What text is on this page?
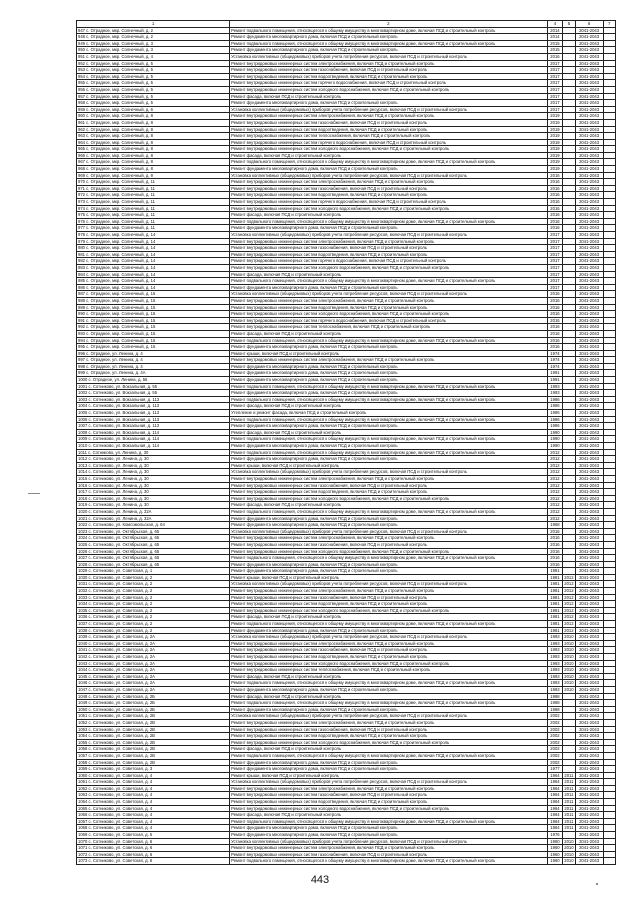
1	2	4	5	6	7
947 с. Отрадное, мкр. Солнечный, д. 2	Ремонт подвального помещения, относящегося к общему имуществу в многоквартирном доме, включая ПСД и строительный контроль	2014		2041-2043	
948 с. Отрадное, мкр. Солнечный, д. 2	Ремонт фундамента многоквартирного дома, включая ПСД и строительный контроль	2014		2041-2043	
949 с. Отрадное, мкр. Солнечный, д. 3	Ремонт подвального помещения, относящегося к общему имуществу в многоквартирном доме, включая ПСД и строительный контроль	2015		2041-2043	
950 с. Отрадное, мкр. Солнечный, д. 3	Ремонт фундамента многоквартирного дома, включая ПСД и строительный контроль	2015		2041-2043	
951 с. Отрадное, мкр. Солнечный, д. 4	Установка коллективных (общедомовых) приборов учета потребления ресурсов, включая ПСД и строительный контроль	2016		2041-2043	
952 с. Отрадное, мкр. Солнечный, д. 5	Ремонт внутридомовых инженерных систем электроснабжения, включая ПСД и строительный контроль	2017		2041-2043	
953 с. Отрадное, мкр. Солнечный, д. 5	Ремонт внутридомовых инженерных систем газоснабжения, включая ПСД и строительный контроль	2017		2041-2043	
954 с. Отрадное, мкр. Солнечный, д. 5	Ремонт внутридомовых инженерных систем водоотведения, включая ПСД и строительный контроль	2017		2041-2043	
955 с. Отрадное, мкр. Солнечный, д. 5	Ремонт внутридомовых инженерных систем горячего водоснабжения, включая ПСД и строительный контроль	2017		2041-2043	
956 с. Отрадное, мкр. Солнечный, д. 5	Ремонт внутридомовых инженерных систем холодного водоснабжения, включая ПСД и строительный контроль	2017		2041-2043	
957 с. Отрадное, мкр. Солнечный, д. 5	Ремонт фасада, включая ПСД и строительный контроль	2017		2041-2043	
958 с. Отрадное, мкр. Солнечный, д. 5	Ремонт фундамента многоквартирного дома, включая ПСД и строительный контроль	2017		2041-2043	
959 с. Отрадное, мкр. Солнечный, д. 6	Установка коллективных (общедомовых) приборов учета потребления ресурсов, включая ПСД и строительный контроль	2017		2041-2043	
960 с. Отрадное, мкр. Солнечный, д. 8	Ремонт внутридомовых инженерных систем электроснабжения, включая ПСД и строительный контроль	2019		2041-2043	
961 с. Отрадное, мкр. Солнечный, д. 8	Ремонт внутридомовых инженерных систем газоснабжения, включая ПСД и строительный контроль	2019		2041-2043	
962 с. Отрадное, мкр. Солнечный, д. 8	Ремонт внутридомовых инженерных систем водоотведения, включая ПСД и строительный контроль	2019		2041-2043	
963 с. Отрадное, мкр. Солнечный, д. 8	Ремонт внутридомовых инженерных систем теплоснабжения, включая ПСД и строительный контроль	2019		2041-2043	
964 с. Отрадное, мкр. Солнечный, д. 8	Ремонт внутридомовых инженерных систем горячего водоснабжения, включая ПСД и строительный контроль	2019		2041-2043	
965 с. Отрадное, мкр. Солнечный, д. 8	Ремонт внутридомовых инженерных систем холодного водоснабжения, включая ПСД и строительный контроль	2019		2041-2043	
966 с. Отрадное, мкр. Солнечный, д. 8	Ремонт фасада, включая ПСД и строительный контроль	2019		2041-2043	
967 с. Отрадное, мкр. Солнечный, д. 8	Ремонт подвального помещения, относящегося к общему имуществу в многоквартирном доме, включая ПСД и строительный контроль	2019		2041-2043	
968 с. Отрадное, мкр. Солнечный, д. 8	Ремонт фундамента многоквартирного дома, включая ПСД и строительный контроль	2019		2041-2043	
969 с. Отрадное, мкр. Солнечный, д. 9	Установка коллективных (общедомовых) приборов учета потребления ресурсов, включая ПСД и строительный контроль	2016		2041-2043	
970 с. Отрадное, мкр. Солнечный, д. 11	Ремонт внутридомовых инженерных систем электроснабжения, включая ПСД и строительный контроль	2016		2041-2043	
971 с. Отрадное, мкр. Солнечный, д. 11	Ремонт внутридомовых инженерных систем газоснабжения, включая ПСД и строительный контроль	2016		2041-2043	
972 с. Отрадное, мкр. Солнечный, д. 11	Ремонт внутридомовых инженерных систем водоотведения, включая ПСД и строительный контроль	2016		2041-2043	
973 с. Отрадное, мкр. Солнечный, д. 11	Ремонт внутридомовых инженерных систем горячего водоснабжения, включая ПСД и строительный контроль	2016		2041-2043	
974 с. Отрадное, мкр. Солнечный, д. 11	Ремонт внутридомовых инженерных систем холодного водоснабжения, включая ПСД и строительный контроль	2016		2041-2043	
975 с. Отрадное, мкр. Солнечный, д. 11	Ремонт фасада, включая ПСД и строительный контроль	2016		2041-2043	
976 с. Отрадное, мкр. Солнечный, д. 11	Ремонт подвального помещения, относящегося к общему имуществу в многоквартирном доме, включая ПСД и строительный контроль	2016		2041-2043	
977 с. Отрадное, мкр. Солнечный, д. 11	Ремонт фундамента многоквартирного дома, включая ПСД и строительный контроль	2016		2041-2043	
978 с. Отрадное, мкр. Солнечный, д. 14	Установка коллективных (общедомовых) приборов учета потребления ресурсов, включая ПСД и строительный контроль	2017		2041-2043	
979 с. Отрадное, мкр. Солнечный, д. 14	Ремонт внутридомовых инженерных систем электроснабжения, включая ПСД и строительный контроль	2017		2041-2043	
980 с. Отрадное, мкр. Солнечный, д. 14	Ремонт внутридомовых инженерных систем газоснабжения, включая ПСД и строительный контроль	2017		2041-2043	
981 с. Отрадное, мкр. Солнечный, д. 14	Ремонт внутридомовых инженерных систем водоотведения, включая ПСД и строительный контроль	2017		2041-2043	
982 с. Отрадное, мкр. Солнечный, д. 14	Ремонт внутридомовых инженерных систем горячего водоснабжения, включая ПСД и строительный контроль	2017		2041-2043	
983 с. Отрадное, мкр. Солнечный, д. 14	Ремонт внутридомовых инженерных систем холодного водоснабжения, включая ПСД и строительный контроль	2017		2041-2043	
984 с. Отрадное, мкр. Солнечный, д. 14	Ремонт фасада, включая ПСД и строительный контроль	2017		2041-2043	
985 с. Отрадное, мкр. Солнечный, д. 14	Ремонт подвального помещения, относящегося к общему имуществу в многоквартирном доме, включая ПСД и строительный контроль	2017		2041-2043	
986 с. Отрадное, мкр. Солнечный, д. 14	Ремонт фундамента многоквартирного дома, включая ПСД и строительный контроль	2017		2041-2043	
987 с. Отрадное, мкр. Солнечный, д. 15	Установка коллективных (общедомовых) приборов учета потребления ресурсов, включая ПСД и строительный контроль	2016		2041-2043	
988 с. Отрадное, мкр. Солнечный, д. 15	Ремонт внутридомовых инженерных систем электроснабжения, включая ПСД и строительный контроль	2016		2041-2043	
989 с. Отрадное, мкр. Солнечный, д. 15	Ремонт внутридомовых инженерных систем водоотведения, включая ПСД и строительный контроль	2016		2041-2043	
990 с. Отрадное, мкр. Солнечный, д. 15	Ремонт внутридомовых инженерных систем холодного водоснабжения, включая ПСД и строительный контроль	2016		2041-2043	
991 с. Отрадное, мкр. Солнечный, д. 15	Ремонт внутридомовых инженерных систем горячего водоснабжения, включая ПСД и строительный контроль	2016		2041-2043	
992 с. Отрадное, мкр. Солнечный, д. 15	Ремонт внутридомовых инженерных систем теплоснабжения, включая ПСД и строительный контроль	2016		2041-2043	
993 с. Отрадное, мкр. Солнечный, д. 15	Ремонт фасада, включая ПСД и строительный контроль	2016		2041-2043	
994 с. Отрадное, мкр. Солнечный, д. 15	Ремонт подвального помещения, относящегося к общему имуществу в многоквартирном доме, включая ПСД и строительный контроль	2016		2041-2043	
995 с. Отрадное, мкр. Солнечный, д. 15	Ремонт фундамента многоквартирного дома, включая ПСД и строительный контроль	2016		2041-2043	
996 с. Отрадное, ул. Ленина, д. 4	Ремонт крыши, включая ПСД и строительный контроль	1974		2041-2043	
997 с. Отрадное, ул. Ленина, д. 4	Ремонт внутридомовых инженерных систем электроснабжения, включая ПСД и строительный контроль	1974		2041-2043	
998 с. Отрадное, ул. Ленина, д. 4	Ремонт фундамента многоквартирного дома, включая ПСД и строительный контроль	1974		2041-2043	
999 с. Отрадное, ул. Ленина, д. 4А	Ремонт фундамента многоквартирного дома, включая ПСД и строительный контроль	1991		2041-2043	
1000 с. Отрадное, ул. Ленина, д. 55	Ремонт фундамента многоквартирного дома, включая ПСД и строительный контроль	1991		2041-2043	
1001 с. Сотниково, ул. Вокзальная, д. 55	Ремонт подвального помещения, относящегося к общему имуществу в многоквартирном доме, включая ПСД и строительный контроль	1993		2041-2043	
1002 с. Сотниково, ул. Вокзальная, д. 55	Ремонт фундамента многоквартирного дома, включая ПСД и строительный контроль	1993		2041-2043	
1003 с. Сотниково, ул. Вокзальная, д. 113	Ремонт подвального помещения, относящегося к общему имуществу в многоквартирном доме, включая ПСД и строительный контроль	1986		2041-2043	
1004 с. Сотниково, ул. Вокзальная, д. 113	Ремонт фасада, включая ПСД и строительный контроль	1986		2041-2043	
1005 с. Сотниково, ул. Вокзальная, д. 113	Утепление и ремонт фасада, включая ПСД и строительный контроль	1986		2041-2043	
1006 с. Сотниково, ул. Вокзальная, д. 113	Ремонт подвального помещения, относящегося к общему имуществу в многоквартирном доме, включая ПСД и строительный контроль	1986		2041-2043	
1007 с. Сотниково, ул. Вокзальная, д. 113	Ремонт фундамента многоквартирного дома, включая ПСД и строительный контроль	1986		2041-2043	
1008 с. Сотниково, ул. Вокзальная, д. 114	Ремонт фасада, включая ПСД и строительный контроль	1990		2041-2043	
1009 с. Сотниково, ул. Вокзальная, д. 114	Ремонт подвального помещения, относящегося к общему имуществу в многоквартирном доме, включая ПСД и строительный контроль	1990		2041-2043	
1010 с. Сотниково, ул. Вокзальная, д. 114	Ремонт фундамента многоквартирного дома, включая ПСД и строительный контроль	1990		2041-2043	
1011 с. Сотниково, ул. Ленина, д. 30	Ремонт подвального помещения, относящегося к общему имуществу в многоквартирном доме, включая ПСД и строительный контроль	2012		2041-2043	
1012 с. Сотниково, ул. Ленина, д. 30	Ремонт фундамента многоквартирного дома, включая ПСД и строительный контроль	2012		2041-2043	
1013 с. Сотниково, ул. Ленина, д. 30	Ремонт крыши, включая ПСД и строительный контроль	2012		2041-2043	
1014 с. Сотниково, ул. Ленина, д. 30	Установка коллективных (общедомовых) приборов учета потребления ресурсов, включая ПСД и строительный контроль	2012		2041-2043	
1015 с. Сотниково, ул. Ленина, д. 30	Ремонт внутридомовых инженерных систем электроснабжения, включая ПСД и строительный контроль	2012		2041-2043	
1016 с. Сотниково, ул. Ленина, д. 30	Ремонт внутридомовых инженерных систем газоснабжения, включая ПСД и строительный контроль	2012		2041-2043	
1017 с. Сотниково, ул. Ленина, д. 30	Ремонт внутридомовых инженерных систем водоотведения, включая ПСД и строительный контроль	2012		2041-2043	
1018 с. Сотниково, ул. Ленина, д. 30	Ремонт внутридомовых инженерных систем холодного водоснабжения, включая ПСД и строительный контроль	2012		2041-2043	
1019 с. Сотниково, ул. Ленина, д. 30	Ремонт фасада, включая ПСД и строительный контроль	2012		2041-2043	
1020 с. Сотниково, ул. Ленина, д. 32А	Ремонт подвального помещения, относящегося к общему имуществу в многоквартирном доме, включая ПСД и строительный контроль	2012		2041-2043	
1021 с. Сотниково, ул. Ленина, д. 32А	Ремонт фундамента многоквартирного дома, включая ПСД и строительный контроль	2012		2041-2043	
1022 с. Сотниково, ул. Комсомольская, д. 64	Ремонт фундамента многоквартирного дома, включая ПСД и строительный контроль	1968		2041-2043	
1023 с. Сотниково, ул. Октябрьская, д. 65	Установка коллективных (общедомовых) приборов учета потребления ресурсов, включая ПСД и строительный контроль	2016		2041-2043	
1024 с. Сотниково, ул. Октябрьская, д. 65	Ремонт внутридомовых инженерных систем электроснабжения, включая ПСД и строительный контроль	2016		2041-2043	
1025 с. Сотниково, ул. Октябрьская, д. 65	Ремонт внутридомовых инженерных систем газоснабжения, включая ПСД и строительный контроль	2016		2041-2043	
1026 с. Сотниково, ул. Октябрьская, д. 65	Ремонт внутридомовых инженерных систем холодного водоснабжения, включая ПСД и строительный контроль	2016		2041-2043	
1027 с. Сотниково, ул. Октябрьская, д. 65	Ремонт подвального помещения, относящегося к общему имуществу в многоквартирном доме, включая ПСД и строительный контроль	2016		2041-2043	
1028 с. Сотниково, ул. Октябрьская, д. 65	Ремонт фундамента многоквартирного дома, включая ПСД и строительный контроль	2016		2041-2043	
1029 с. Сотниково, ул. Советская, д. 1	Ремонт фундамента многоквартирного дома, включая ПСД и строительный контроль	1981		2041-2043	
1030 с. Сотниково, ул. Советская, д. 2	Ремонт крыши, включая ПСД и строительный контроль	1981	2012	2041-2043	
1031 с. Сотниково, ул. Советская, д. 2	Установка коллективных (общедомовых) приборов учета потребления ресурсов, включая ПСД и строительный контроль	1981	2012	2041-2043	
1032 с. Сотниково, ул. Советская, д. 2	Ремонт внутридомовых инженерных систем электроснабжения, включая ПСД и строительный контроль	1981	2012	2041-2043	
1033 с. Сотниково, ул. Советская, д. 2	Ремонт внутридомовых инженерных систем газоснабжения, включая ПСД и строительный контроль	1981	2012	2041-2043	
1034 с. Сотниково, ул. Советская, д. 2	Ремонт внутридомовых инженерных систем водоотведения, включая ПСД и строительный контроль	1981	2012	2041-2043	
1035 с. Сотниково, ул. Советская, д. 2	Ремонт внутридомовых инженерных систем холодного водоснабжения, включая ПСД и строительный контроль	1981	2012	2041-2043	
1036 с. Сотниково, ул. Советская, д. 2	Ремонт фасада, включая ПСД и строительный контроль	1981	2012	2041-2043	
1037 с. Сотниково, ул. Советская, д. 2	Ремонт подвального помещения, относящегося к общему имуществу в многоквартирном доме, включая ПСД и строительный контроль	1981	2012	2041-2043	
1038 с. Сотниково, ул. Советская, д. 2	Ремонт фундамента многоквартирного дома, включая ПСД и строительный контроль	1981	2012	2041-2043	
1039 с. Сотниково, ул. Советская, д. 2А	Установка коллективных (общедомовых) приборов учета потребления ресурсов, включая ПСД и строительный контроль	1993	2010	2041-2043	
1040 с. Сотниково, ул. Советская, д. 2А	Ремонт внутридомовых инженерных систем электроснабжения, включая ПСД и строительный контроль	1993	2010	2041-2043	
1041 с. Сотниково, ул. Советская, д. 2А	Ремонт внутридомовых инженерных систем газоснабжения, включая ПСД и строительный контроль	1993	2010	2041-2043	
1042 с. Сотниково, ул. Советская, д. 2А	Ремонт внутридомовых инженерных систем водоотведения, включая ПСД и строительный контроль	1993	2010	2041-2043	
1043 с. Сотниково, ул. Советская, д. 2А	Ремонт внутридомовых инженерных систем холодного водоснабжения, включая ПСД и строительный контроль	1993	2010	2041-2043	
1044 с. Сотниково, ул. Советская, д. 2А	Ремонт внутридомовых инженерных систем теплоснабжения, включая ПСД и строительный контроль	1993	2010	2041-2043	
1045 с. Сотниково, ул. Советская, д. 2А	Ремонт фасада, включая ПСД и строительный контроль	1993	2010	2041-2043	
1046 с. Сотниково, ул. Советская, д. 2А	Ремонт подвального помещения, относящегося к общему имуществу в многоквартирном доме, включая ПСД и строительный контроль	1993	2010	2041-2043	
1047 с. Сотниково, ул. Советская, д. 2А	Ремонт фундамента многоквартирного дома, включая ПСД и строительный контроль	1993	2010	2041-2043	
1048 с. Сотниково, ул. Советская, д. 2Б	Ремонт фасада, включая ПСД и строительный контроль	1988		2041-2043	
1049 с. Сотниково, ул. Советская, д. 2Б	Ремонт подвального помещения, относящегося к общему имуществу в многоквартирном доме, включая ПСД и строительный контроль	1988		2041-2043	
1050 с. Сотниково, ул. Советская, д. 2Б	Ремонт фундамента многоквартирного дома, включая ПСД и строительный контроль	1988		2041-2043	
1051 с. Сотниково, ул. Советская, д. 2В	Установка коллективных (общедомовых) приборов учета потребления ресурсов, включая ПСД и строительный контроль	2002		2041-2043	
1052 с. Сотниково, ул. Советская, д. 2В	Ремонт внутридомовых инженерных систем электроснабжения, включая ПСД и строительный контроль	2002		2041-2043	
1053 с. Сотниково, ул. Советская, д. 2В	Ремонт внутридомовых инженерных систем газоснабжения, включая ПСД и строительный контроль	2002		2041-2043	
1054 с. Сотниково, ул. Советская, д. 2В	Ремонт внутридомовых инженерных систем водоотведения, включая ПСД и строительный контроль	2002		2041-2043	
1055 с. Сотниково, ул. Советская, д. 2В	Ремонт внутридомовых инженерных систем холодного водоснабжения, включая ПСД и строительный контроль	2002		2041-2043	
1056 с. Сотниково, ул. Советская, д. 2В	Ремонт фасада, включая ПСД и строительный контроль	2002		2041-2043	
1057 с. Сотниково, ул. Советская, д. 2В	Ремонт подвального помещения, относящегося к общему имуществу в многоквартирном доме, включая ПСД и строительный контроль	2002		2041-2043	
1058 с. Сотниково, ул. Советская, д. 2В	Ремонт фундамента многоквартирного дома, включая ПСД и строительный контроль	2002		2041-2043	
1059 с. Сотниково, ул. Советская, д. 3	Ремонт фундамента многоквартирного дома, включая ПСД и строительный контроль	1977		2041-2043	
1060 с. Сотниково, ул. Советская, д. 4	Ремонт крыши, включая ПСД и строительный контроль	1964	2011	2041-2043	
1061 с. Сотниково, ул. Советская, д. 4	Установка коллективных (общедомовых) приборов учета потребления ресурсов, включая ПСД и строительный контроль	1964	2011	2041-2043	
1062 с. Сотниково, ул. Советская, д. 4	Ремонт внутридомовых инженерных систем электроснабжения, включая ПСД и строительный контроль	1964	2011	2041-2043	
1063 с. Сотниково, ул. Советская, д. 4	Ремонт внутридомовых инженерных систем газоснабжения, включая ПСД и строительный контроль	1964	2011	2041-2043	
1064 с. Сотниково, ул. Советская, д. 4	Ремонт внутридомовых инженерных систем водоотведения, включая ПСД и строительный контроль	1964	2011	2041-2043	
1065 с. Сотниково, ул. Советская, д. 4	Ремонт внутридомовых инженерных систем холодного водоснабжения, включая ПСД и строительный контроль	1964	2011	2041-2043	
1066 с. Сотниково, ул. Советская, д. 4	Ремонт фасада, включая ПСД и строительный контроль	1964	2011	2041-2043	
1067 с. Сотниково, ул. Советская, д. 4	Ремонт подвального помещения, относящегося к общему имуществу в многоквартирном доме, включая ПСД и строительный контроль	1964	2011	2041-2043	
1068 с. Сотниково, ул. Советская, д. 4	Ремонт фундамента многоквартирного дома, включая ПСД и строительный контроль	1964	2011	2041-2043	
1069 с. Сотниково, ул. Советская, д. 5	Ремонт фундамента многоквартирного дома, включая ПСД и строительный контроль	1976		2041-2043	
1070 с. Сотниково, ул. Советская, д. 6	Установка коллективных (общедомовых) приборов учета потребления ресурсов, включая ПСД и строительный контроль	1960	2010	2041-2043	
1071 с. Сотниково, ул. Советская, д. 6	Ремонт внутридомовых инженерных систем электроснабжения, включая ПСД и строительный контроль	1960	2010	2041-2043	
1072 с. Сотниково, ул. Советская, д. 6	Ремонт внутридомовых инженерных систем газоснабжения, включая ПСД и строительный контроль	1960	2010	2041-2043	
1073 с. Сотниково, ул. Советская, д. 6	Ремонт подвального помещения, относящегося к общему имуществу в многоквартирном доме, включая ПСД и строительный контроль	1960	2010	2041-2043	
443
